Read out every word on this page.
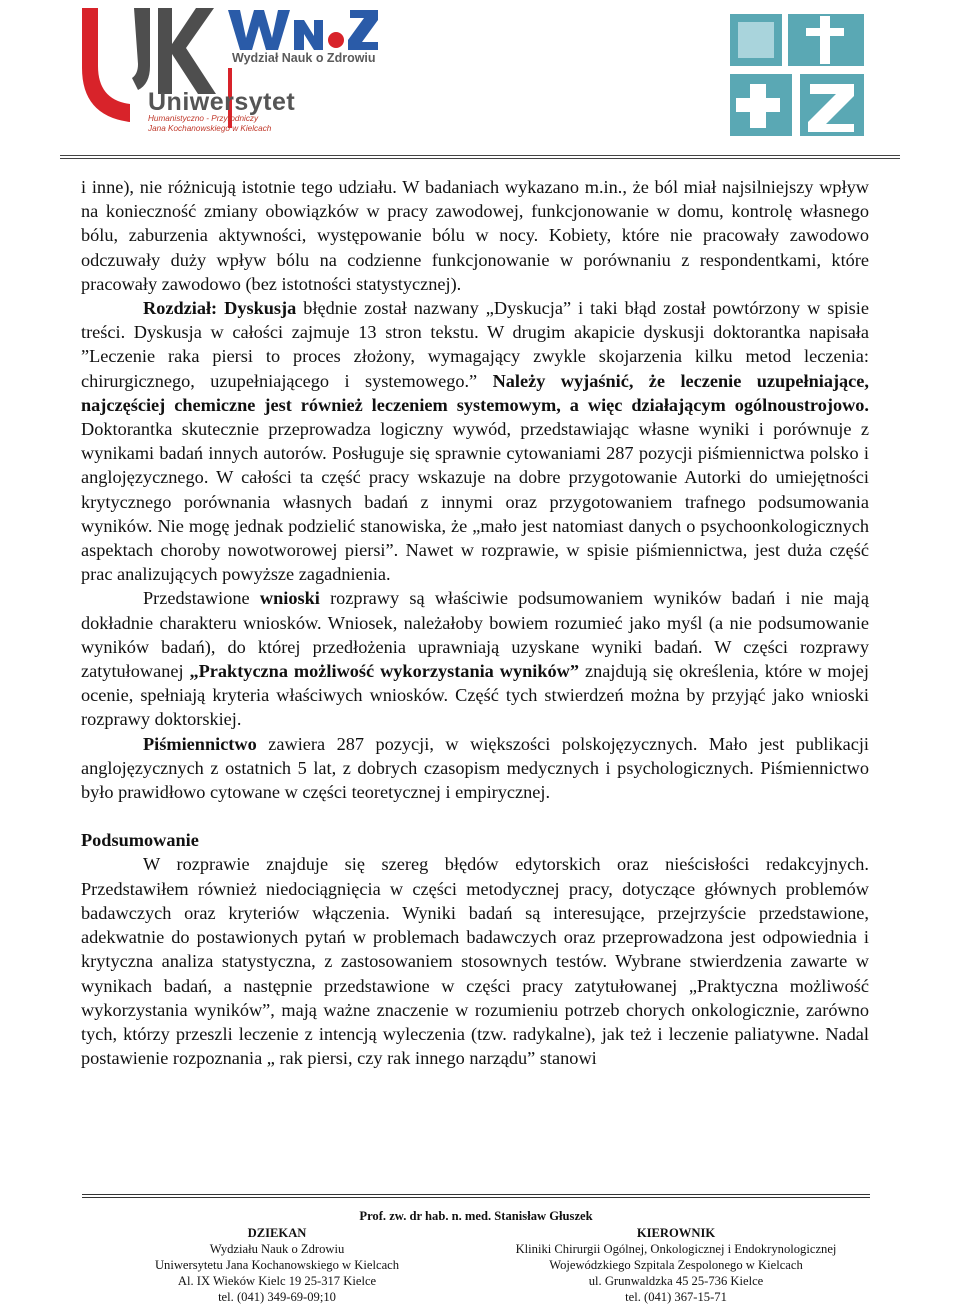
Wydział Nauk o Zdrowiu
Uniwersytet
Humanistyczno - Przyrodniczy
Jana Kochanowskiego w Kielcach

i inne), nie różnicują istotnie tego udziału. W badaniach wykazano m.in., że ból miał najsilniejszy wpływ na konieczność zmiany obowiązków w pracy zawodowej, funkcjonowanie w domu, kontrolę własnego bólu, zaburzenia aktywności, występowanie bólu w nocy. Kobiety, które nie pracowały zawodowo odczuwały duży wpływ bólu na codzienne funkcjonowanie w porównaniu z respondentkami, które pracowały zawodowo (bez istotności statystycznej).

Rozdział: Dyskusja błędnie został nazwany „Dyskucja” i taki błąd został powtórzony w spisie treści. Dyskusja w całości zajmuje 13 stron tekstu. W drugim akapicie dyskusji doktorantka napisała ”Leczenie raka piersi to proces złożony, wymagający zwykle skojarzenia kilku metod leczenia: chirurgicznego, uzupełniającego i systemowego.” Należy wyjaśnić, że leczenie uzupełniające, najczęściej chemiczne jest również leczeniem systemowym, a więc działającym ogólnoustrojowo. Doktorantka skutecznie przeprowadza logiczny wywód, przedstawiając własne wyniki i porównuje z wynikami badań innych autorów. Posługuje się sprawnie cytowaniami 287 pozycji piśmiennictwa polsko i anglojęzycznego. W całości ta część pracy wskazuje na dobre przygotowanie Autorki do umiejętności krytycznego porównania własnych badań z innymi oraz przygotowaniem trafnego podsumowania wyników. Nie mogę jednak podzielić stanowiska, że „mało jest natomiast danych o psychoonkologicznych aspektach choroby nowotworowej piersi”. Nawet w rozprawie, w spisie piśmiennictwa, jest duża część prac analizujących powyższe zagadnienia.

Przedstawione wnioski rozprawy są właściwie podsumowaniem wyników badań i nie mają dokładnie charakteru wniosków. Wniosek, należałoby bowiem rozumieć jako myśl (a nie podsumowanie wyników badań), do której przedłożenia uprawniają uzyskane wyniki badań. W części rozprawy zatytułowanej „Praktyczna możliwość wykorzystania wyników” znajdują się określenia, które w mojej ocenie, spełniają kryteria właściwych wniosków. Część tych stwierdzeń można by przyjąć jako wnioski rozprawy doktorskiej.

Piśmiennictwo zawiera 287 pozycji, w większości polskojęzycznych. Mało jest publikacji anglojęzycznych z ostatnich 5 lat, z dobrych czasopism medycznych i psychologicznych. Piśmiennictwo było prawidłowo cytowane w części teoretycznej i empirycznej.

Podsumowanie

W rozprawie znajduje się szereg błędów edytorskich oraz nieścisłości redakcyjnych. Przedstawiłem również niedociągnięcia w części metodycznej pracy, dotyczące głównych problemów badawczych oraz kryteriów włączenia. Wyniki badań są interesujące, przejrzyście przedstawione, adekwatnie do postawionych pytań w problemach badawczych oraz przeprowadzona jest odpowiednia i krytyczna analiza statystyczna, z zastosowaniem stosownych testów. Wybrane stwierdzenia zawarte w wynikach badań, a następnie przedstawione w części pracy zatytułowanej „Praktyczna możliwość wykorzystania wyników”, mają ważne znaczenie w rozumieniu potrzeb chorych onkologicznie, zarówno tych, którzy przeszli leczenie z intencją wyleczenia (tzw. radykalne), jak też i leczenie paliatywne. Nadal postawienie rozpoznania „ rak piersi, czy rak innego narządu” stanowi

Prof. zw. dr hab. n. med. Stanisław Głuszek
DZIEKAN
Wydziału Nauk o Zdrowiu
Uniwersytetu Jana Kochanowskiego w Kielcach
Al. IX Wieków Kielc 19 25-317 Kielce
tel. (041) 349-69-09;10
KIEROWNIK
Kliniki Chirurgii Ogólnej, Onkologicznej i Endokrynologicznej
Wojewódzkiego Szpitala Zespolonego w Kielcach
ul. Grunwaldzka 45 25-736 Kielce
tel. (041) 367-15-71
